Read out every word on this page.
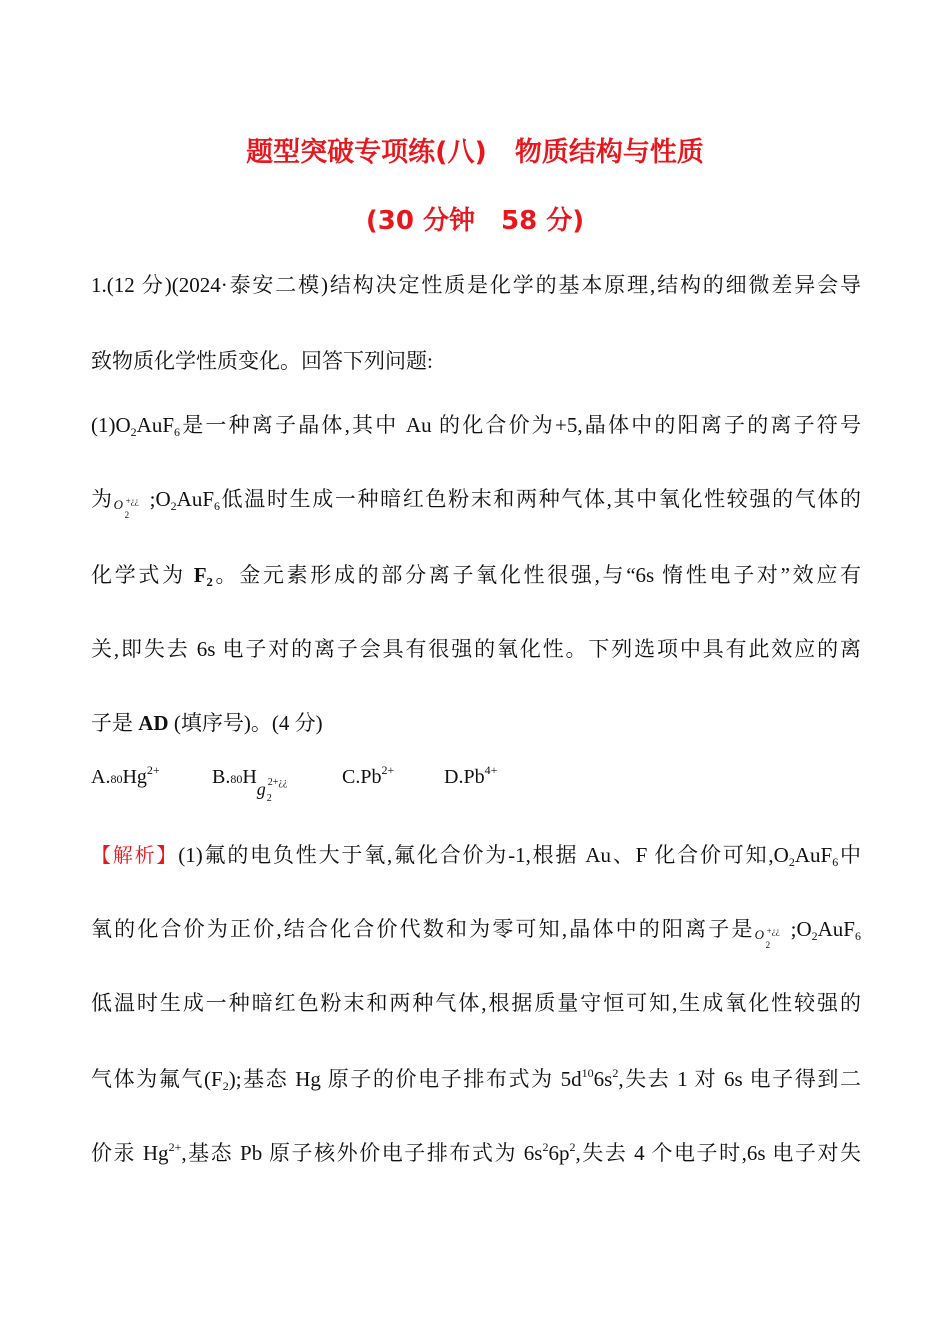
题型突破专项练(八) 物质结构与性质
(30 分钟 58 分)
1.(12 分)(2024·泰安二模)结构决定性质是化学的基本原理,结构的细微差异会导
致物质化学性质变化。回答下列问题:
$(1)O_2AuF_6$是一种离子晶体,其中 Au 的化合价为+5,晶体中的阳离子的离子符号
为 O +¿¿
2
$;O_2AuF_6$低温时生成一种暗红色粉末和两种气体,其中氧化性较强的气体的
化学式为 F₂。金元素形成的部分离子氧化性很强,与“6s 惰性电子对”效应有
关,即失去 6s 电子对的离子会具有很强的氧化性。下列选项中具有此效应的离
子是 AD (填序号)。(4 分)
$A.80Hg^{2+}$	B.80H
g 2+¿¿
2
$C.Pb^{2+}$ $D.Pb^{4+}$
【解析】(1)氟的电负性大于氧,氟化合价为-1,根据 Au、F 化合价可知$,O_2AuF_6$中
氧的化合价为正价,结合化合价代数和为零可知,晶体中的阳离子是 O +¿¿
2
$;O_2AuF_6$
低温时生成一种暗红色粉末和两种气体,根据质量守恒可知,生成氧化性较强的
气体为氟气$(F_2)$;基态 Hg 原子的价电子排布式为 $5d^{10}6s^2$,失去 1 对 6s 电子得到二
价汞 $Hg^{2+}$,基态 Pb 原子核外价电子排布式为 $6s^26p^2$,失去 4 个电子时,6s 电子对失
